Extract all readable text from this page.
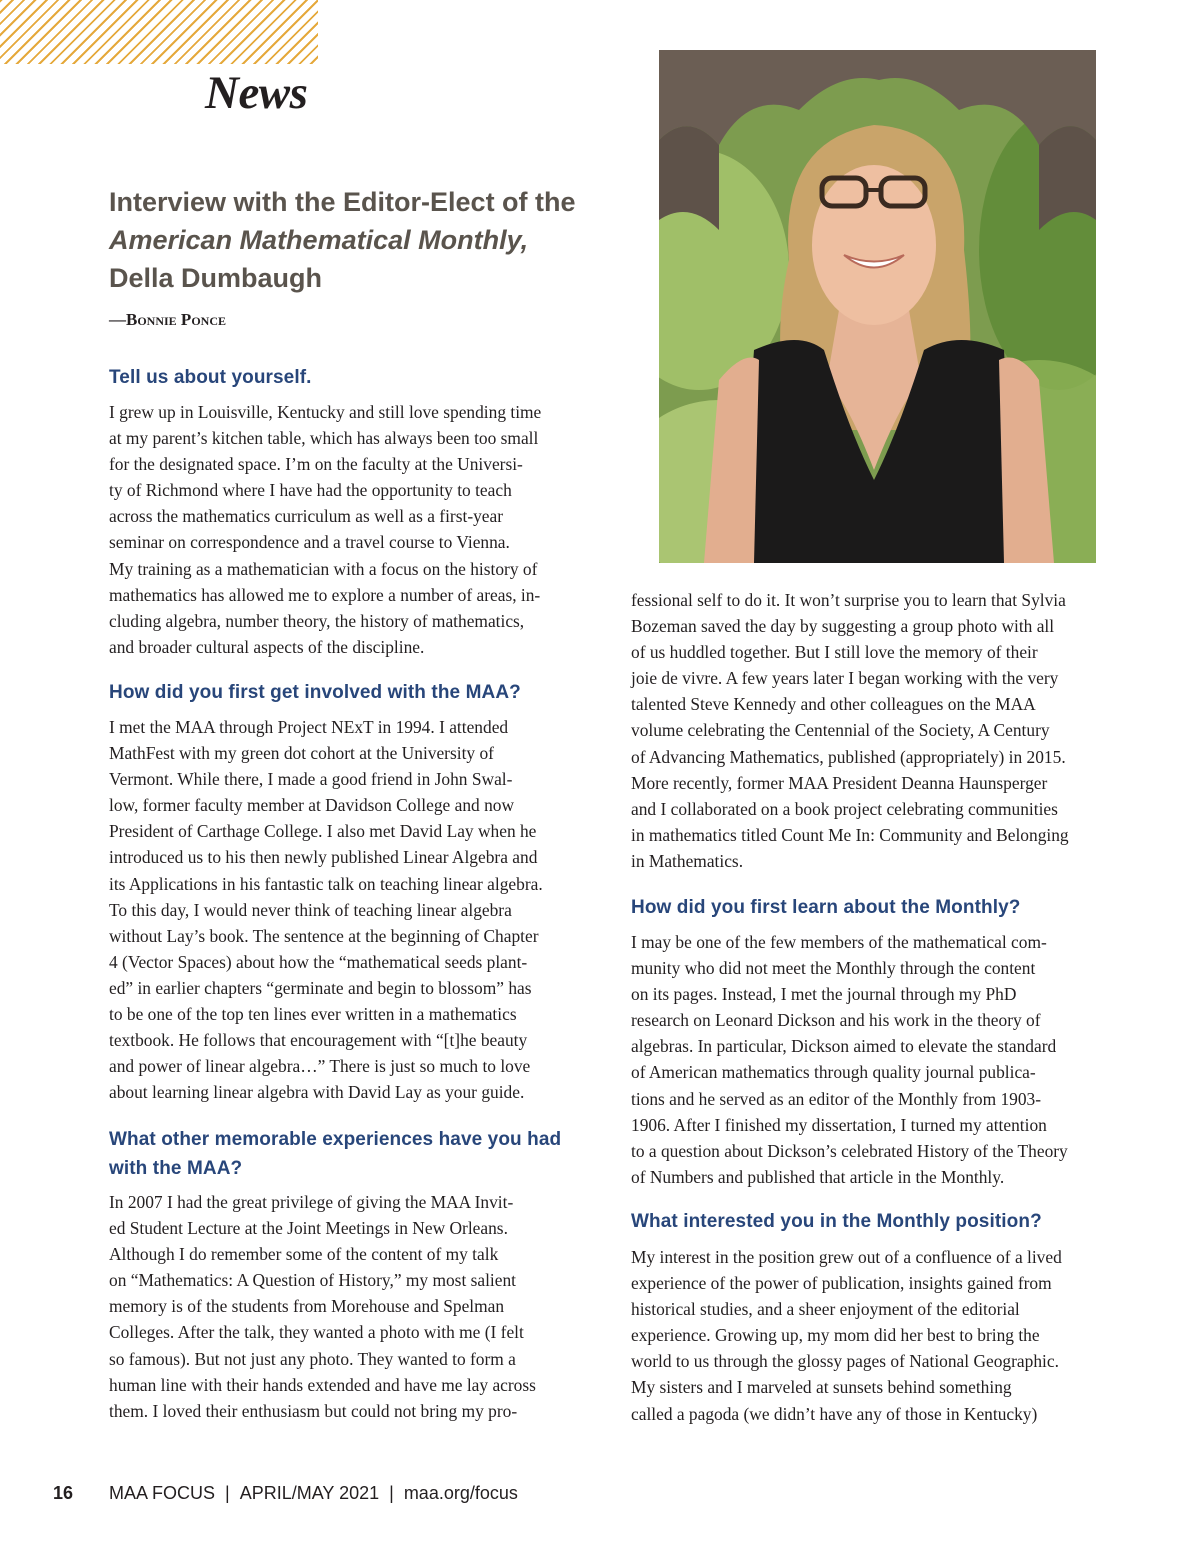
News
Interview with the Editor-Elect of the
American Mathematical Monthly,
Della Dumbaugh
—Bonnie Ponce
Tell us about yourself.
I grew up in Louisville, Kentucky and still love spending time
at my parent’s kitchen table, which has always been too small
for the designated space. I’m on the faculty at the Universi-
ty of Richmond where I have had the opportunity to teach
across the mathematics curriculum as well as a first-year
seminar on correspondence and a travel course to Vienna.
My training as a mathematician with a focus on the history of
mathematics has allowed me to explore a number of areas, in-
cluding algebra, number theory, the history of mathematics,
and broader cultural aspects of the discipline.
How did you first get involved with the MAA?
I met the MAA through Project NExT in 1994. I attended
MathFest with my green dot cohort at the University of
Vermont. While there, I made a good friend in John Swal-
low, former faculty member at Davidson College and now
President of Carthage College. I also met David Lay when he
introduced us to his then newly published Linear Algebra and
its Applications in his fantastic talk on teaching linear algebra.
To this day, I would never think of teaching linear algebra
without Lay’s book. The sentence at the beginning of Chapter
4 (Vector Spaces) about how the “mathematical seeds plant-
ed” in earlier chapters “germinate and begin to blossom” has
to be one of the top ten lines ever written in a mathematics
textbook. He follows that encouragement with “[t]he beauty
and power of linear algebra…” There is just so much to love
about learning linear algebra with David Lay as your guide.
What other memorable experiences have you had
with the MAA?
In 2007 I had the great privilege of giving the MAA Invit-
ed Student Lecture at the Joint Meetings in New Orleans.
Although I do remember some of the content of my talk
on “Mathematics: A Question of History,” my most salient
memory is of the students from Morehouse and Spelman
Colleges. After the talk, they wanted a photo with me (I felt
so famous). But not just any photo. They wanted to form a
human line with their hands extended and have me lay across
them. I loved their enthusiasm but could not bring my pro-
fessional self to do it. It won’t surprise you to learn that Sylvia
Bozeman saved the day by suggesting a group photo with all
of us huddled together. But I still love the memory of their
joie de vivre. A few years later I began working with the very
talented Steve Kennedy and other colleagues on the MAA
volume celebrating the Centennial of the Society, A Century
of Advancing Mathematics, published (appropriately) in 2015.
More recently, former MAA President Deanna Haunsperger
and I collaborated on a book project celebrating communities
in mathematics titled Count Me In: Community and Belonging
in Mathematics.
How did you first learn about the Monthly?
I may be one of the few members of the mathematical com-
munity who did not meet the Monthly through the content
on its pages. Instead, I met the journal through my PhD
research on Leonard Dickson and his work in the theory of
algebras. In particular, Dickson aimed to elevate the standard
of American mathematics through quality journal publica-
tions and he served as an editor of the Monthly from 1903-
1906. After I finished my dissertation, I turned my attention
to a question about Dickson’s celebrated History of the Theory
of Numbers and published that article in the Monthly.
What interested you in the Monthly position?
My interest in the position grew out of a confluence of a lived
experience of the power of publication, insights gained from
historical studies, and a sheer enjoyment of the editorial
experience. Growing up, my mom did her best to bring the
world to us through the glossy pages of National Geographic.
My sisters and I marveled at sunsets behind something
called a pagoda (we didn’t have any of those in Kentucky)
16 MAA FOCUS | APRIL/MAY 2021 | maa.org/focus
